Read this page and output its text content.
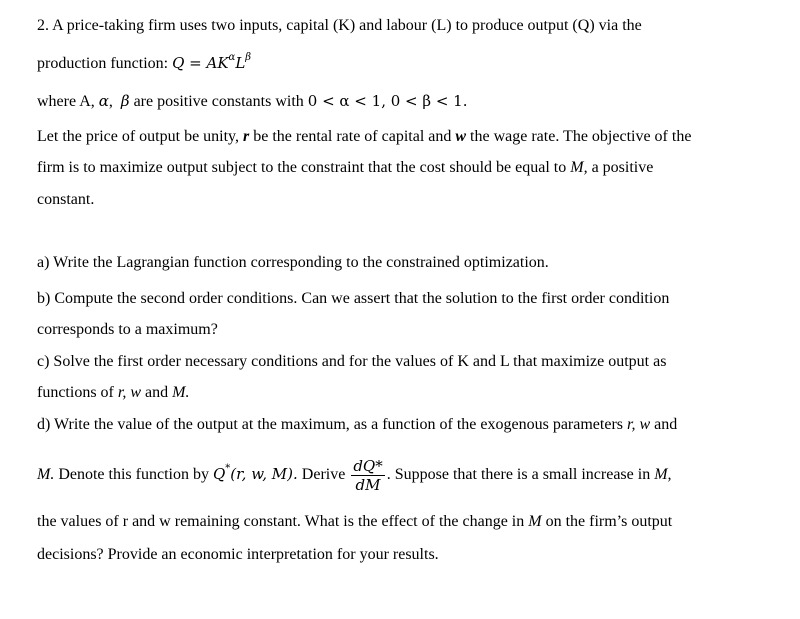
2. A price-taking firm uses two inputs, capital (K) and labour (L) to produce output (Q) via the
production function: $Q = AK^\alpha L^\beta$
where A, α, β are positive constants with 0 < α < 1, 0 < β < 1.
Let the price of output be unity, r be the rental rate of capital and w the wage rate. The objective of the
firm is to maximize output subject to the constraint that the cost should be equal to M, a positive
constant.
a) Write the Lagrangian function corresponding to the constrained optimization.
b) Compute the second order conditions. Can we assert that the solution to the first order condition
corresponds to a maximum?
c) Solve the first order necessary conditions and for the values of K and L that maximize output as
functions of r, w and M.
d) Write the value of the output at the maximum, as a function of the exogenous parameters r, w and
M. Denote this function by Q*(r, w, M). Derive $\frac{dQ*}{dM}$ . Suppose that there is a small increase in M,
the values of r and w remaining constant. What is the effect of the change in M on the firm’s output
decisions? Provide an economic interpretation for your results.
